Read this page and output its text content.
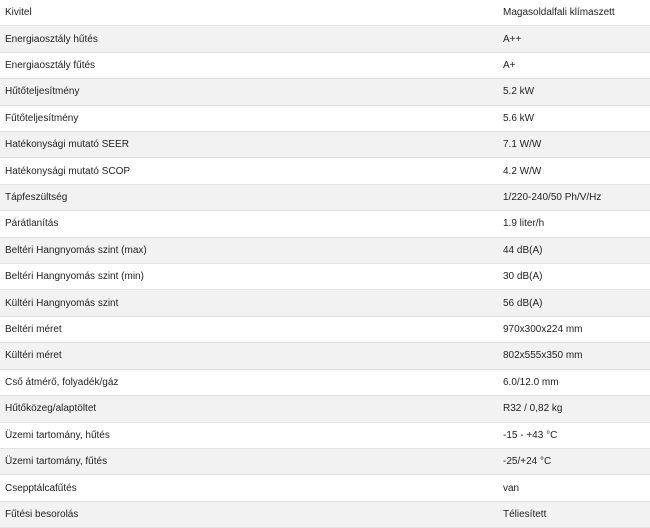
Kivitel	Magasoldalfali klímaszett
Energiaosztály hűtés	A++
Energiaosztály fűtés	A+
Hűtőteljesítmény	5.2 kW
Fűtőteljesítmény	5.6 kW
Hatékonysági mutató SEER	7.1 W/W
Hatékonysági mutató SCOP	4.2 W/W
Tápfeszültség	1/220-240/50 Ph/V/Hz
Párátlanítás	1.9 liter/h
Beltéri Hangnyomás szint (max)	44 dB(A)
Beltéri Hangnyomás szint (min)	30 dB(A)
Kültéri Hangnyomás szint	56 dB(A)
Beltéri méret	970x300x224 mm
Kültéri méret	802x555x350 mm
Cső átmérő, folyadék/gáz	6.0/12.0 mm
Hűtőközeg/alaptöltet	R32 / 0,82 kg
Üzemi tartomány, hűtés	-15 - +43 °C
Üzemi tartomány, fűtés	-25/+24 °C
Csepptálcafűtés	van
Fűtési besorolás	Téliesített
